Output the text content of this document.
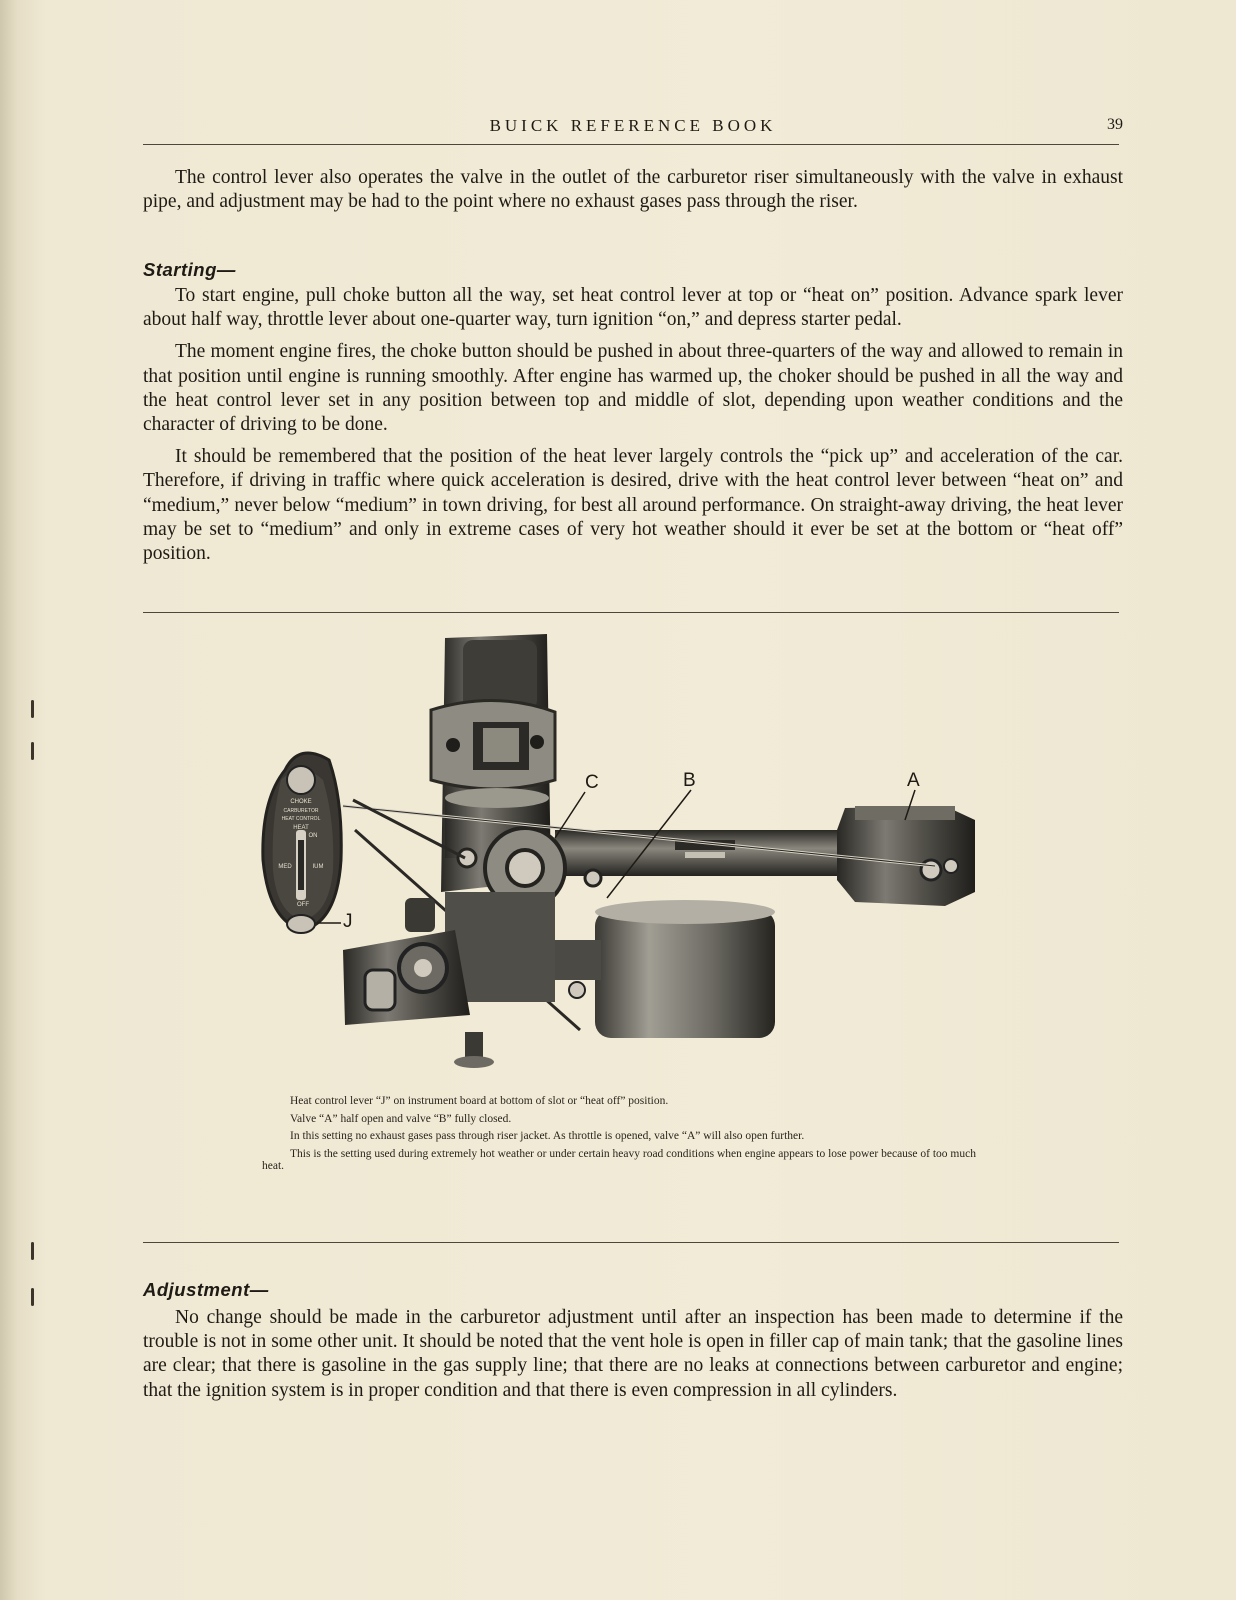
BUICK REFERENCE BOOK	39

The control lever also operates the valve in the outlet of the carburetor riser simultaneously with the valve in exhaust pipe, and adjustment may be had to the point where no exhaust gases pass through the riser.

Starting—

To start engine, pull choke button all the way, set heat control lever at top or “heat on” position. Advance spark lever about half way, throttle lever about one-quarter way, turn ignition “on,” and depress starter pedal.

The moment engine fires, the choke button should be pushed in about three-quarters of the way and allowed to remain in that position until engine is running smoothly. After engine has warmed up, the choker should be pushed in all the way and the heat control lever set in any position between top and middle of slot, depending upon weather conditions and the character of driving to be done.

It should be remembered that the position of the heat lever largely controls the “pick up” and acceleration of the car. Therefore, if driving in traffic where quick acceleration is desired, drive with the heat control lever between “heat on” and “medium,” never below “medium” in town driving, for best all around performance. On straight-away driving, the heat lever may be set to “medium” and only in extreme cases of very hot weather should it ever be set at the bottom or “heat off” position.

CHOKE
CARBURETOR
HEAT CONTROL
HEAT
ON
MED	IUM
OFF
C	B	A
J

Heat control lever “J” on instrument board at bottom of slot or “heat off” position.

Valve “A” half open and valve “B” fully closed.

In this setting no exhaust gases pass through riser jacket. As throttle is opened, valve “A” will also open further.

This is the setting used during extremely hot weather or under certain heavy road conditions when engine appears to lose power because of too much heat.

Adjustment—

No change should be made in the carburetor adjustment until after an inspection has been made to determine if the trouble is not in some other unit. It should be noted that the vent hole is open in filler cap of main tank; that the gasoline lines are clear; that there is gasoline in the gas supply line; that there are no leaks at connections between carburetor and engine; that the ignition system is in proper condition and that there is even compression in all cylinders.
